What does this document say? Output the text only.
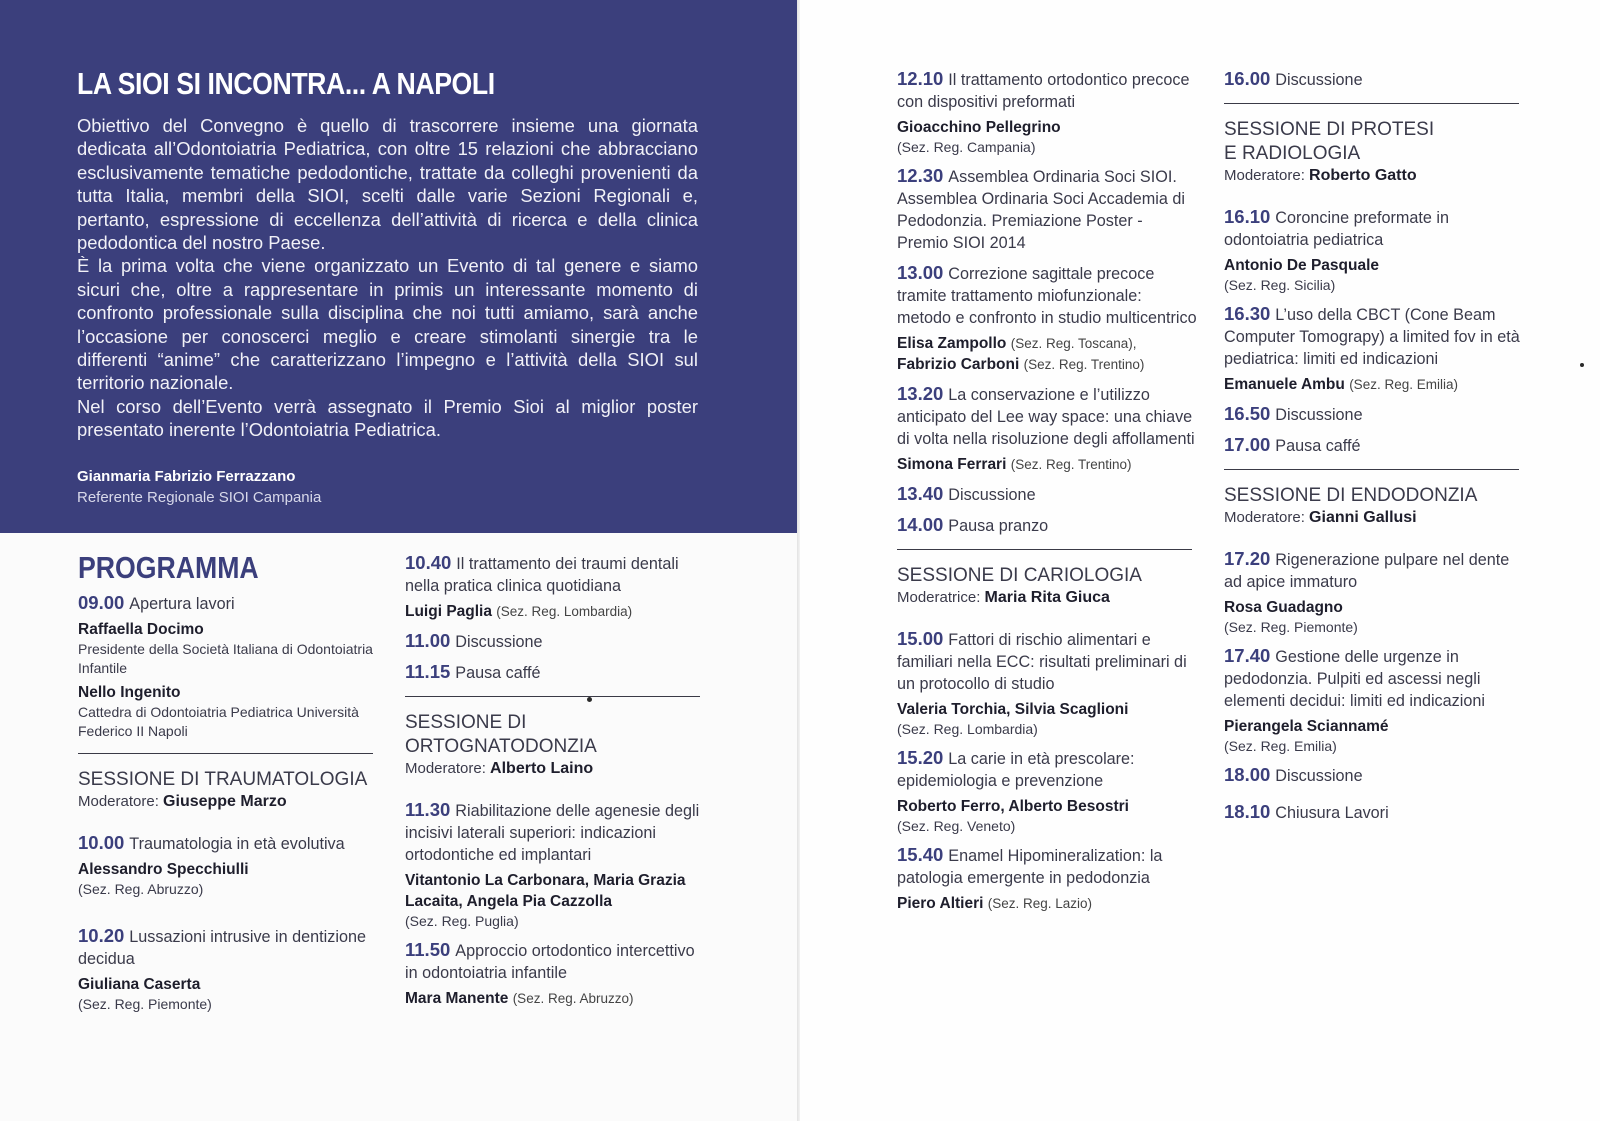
LA SIOI SI INCONTRA... A NAPOLI

Obiettivo del Convegno è quello di trascorrere insieme una giornata dedicata all’Odontoiatria Pediatrica, con oltre 15 relazioni che abbracciano esclusivamente tematiche pedodontiche, trattate da colleghi provenienti da tutta Italia, membri della SIOI, scelti dalle varie Sezioni Regionali e, pertanto, espressione di eccellenza dell’attività di ricerca e della clinica pedodontica del nostro Paese.

È la prima volta che viene organizzato un Evento di tal genere e siamo sicuri che, oltre a rappresentare in primis un interessante momento di confronto professionale sulla disciplina che noi tutti amiamo, sarà anche l’occasione per conoscerci meglio e creare stimolanti sinergie tra le differenti “anime” che caratterizzano l’impegno e l’attività della SIOI sul territorio nazionale.

Nel corso dell’Evento verrà assegnato il Premio Sioi al miglior poster presentato inerente l’Odontoiatria Pediatrica.

Gianmaria Fabrizio Ferrazzano
Referente Regionale SIOI Campania
PROGRAMMA
09.00 Apertura lavori
Raffaella Docimo
Presidente della Società Italiana di Odontoiatria Infantile
Nello Ingenito
Cattedra di Odontoiatria Pediatrica Università Federico II Napoli
SESSIONE DI TRAUMATOLOGIA
Moderatore: Giuseppe Marzo
10.00 Traumatologia in età evolutiva
Alessandro Specchiulli
(Sez. Reg. Abruzzo)
10.20 Lussazioni intrusive in dentizione decidua
Giuliana Caserta
(Sez. Reg. Piemonte)
10.40 Il trattamento dei traumi dentali nella pratica clinica quotidiana
Luigi Paglia (Sez. Reg. Lombardia)
11.00 Discussione
11.15 Pausa caffé
SESSIONE DI
ORTOGNATODONZIA
Moderatore: Alberto Laino
11.30 Riabilitazione delle agenesie degli incisivi laterali superiori: indicazioni ortodontiche ed implantari
Vitantonio La Carbonara, Maria Grazia Lacaita, Angela Pia Cazzolla
(Sez. Reg. Puglia)
11.50 Approccio ortodontico intercettivo in odontoiatria infantile
Mara Manente (Sez. Reg. Abruzzo)
12.10 Il trattamento ortodontico precoce con dispositivi preformati
Gioacchino Pellegrino
(Sez. Reg. Campania)
12.30 Assemblea Ordinaria Soci SIOI. Assemblea Ordinaria Soci Accademia di Pedodonzia. Premiazione Poster - Premio SIOI 2014
13.00 Correzione sagittale precoce tramite trattamento miofunzionale: metodo e confronto in studio multicentrico
Elisa Zampollo (Sez. Reg. Toscana),
Fabrizio Carboni (Sez. Reg. Trentino)
13.20 La conservazione e l’utilizzo anticipato del Lee way space: una chiave di volta nella risoluzione degli affollamenti
Simona Ferrari (Sez. Reg. Trentino)
13.40 Discussione
14.00 Pausa pranzo
SESSIONE DI CARIOLOGIA
Moderatrice: Maria Rita Giuca
15.00 Fattori di rischio alimentari e familiari nella ECC: risultati preliminari di un protocollo di studio
Valeria Torchia, Silvia Scaglioni
(Sez. Reg. Lombardia)
15.20 La carie in età prescolare: epidemiologia e prevenzione
Roberto Ferro, Alberto Besostri
(Sez. Reg. Veneto)
15.40 Enamel Hipomineralization: la patologia emergente in pedodonzia
Piero Altieri (Sez. Reg. Lazio)
16.00 Discussione
SESSIONE DI PROTESI
E RADIOLOGIA
Moderatore: Roberto Gatto
16.10 Coroncine preformate in odontoiatria pediatrica
Antonio De Pasquale
(Sez. Reg. Sicilia)
16.30 L’uso della CBCT (Cone Beam Computer Tomograpy) a limited fov in età pediatrica: limiti ed indicazioni
Emanuele Ambu (Sez. Reg. Emilia)
16.50 Discussione
17.00 Pausa caffé
SESSIONE DI ENDODONZIA
Moderatore: Gianni Gallusi
17.20 Rigenerazione pulpare nel dente ad apice immaturo
Rosa Guadagno
(Sez. Reg. Piemonte)
17.40 Gestione delle urgenze in pedodonzia. Pulpiti ed ascessi negli elementi decidui: limiti ed indicazioni
Pierangela Sciannamé
(Sez. Reg. Emilia)
18.00 Discussione
18.10 Chiusura Lavori
